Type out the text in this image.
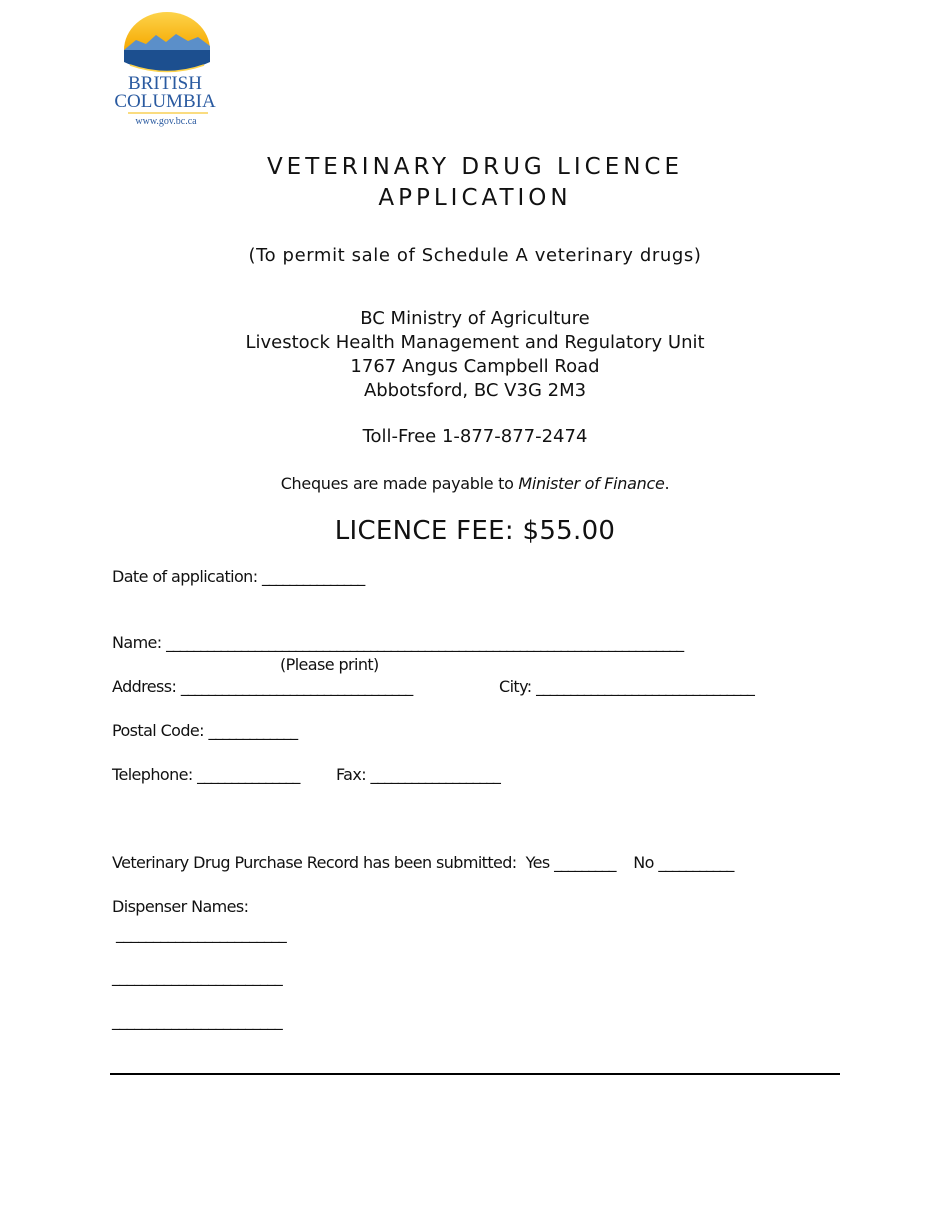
BRITISH
COLUMBIA
www.gov.bc.ca
VETERINARY DRUG LICENCE
APPLICATION
(To permit sale of Schedule A veterinary drugs)
BC Ministry of Agriculture
Livestock Health Management and Regulatory Unit
1767 Angus Campbell Road
Abbotsford, BC V3G 2M3
Toll-Free 1-877-877-2474
Cheques are made payable to Minister of Finance.
LICENCE FEE: $55.00
Date of application: _______________
Name: ____________________________________________________________________________
(Please print)
Address: __________________________________	City: ________________________________
Postal Code: _____________
Telephone: _______________ Fax: ___________________
Veterinary Drug Purchase Record has been submitted: Yes _________ No ___________
Dispenser Names:
_______________________
_______________________
_______________________
